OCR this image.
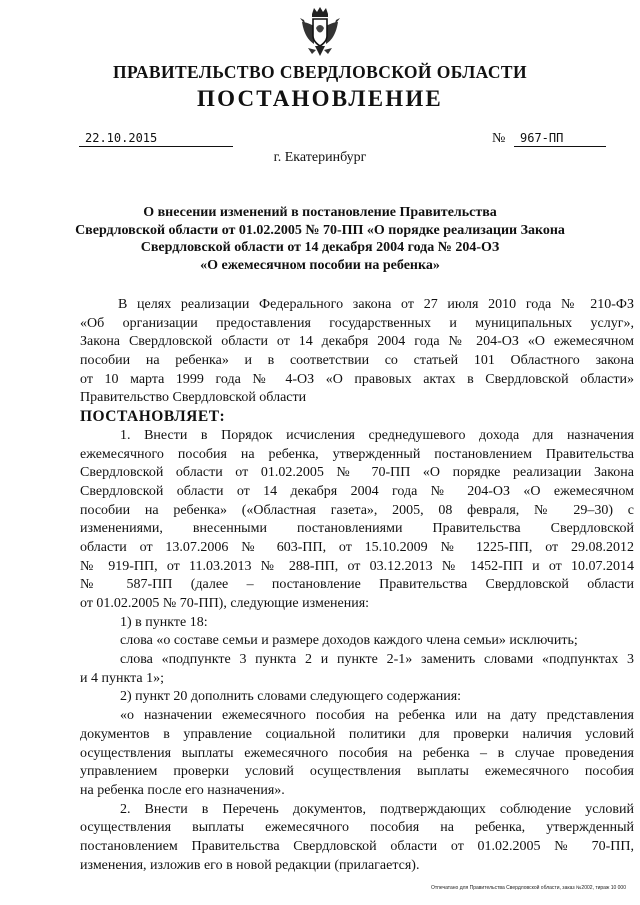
ПРАВИТЕЛЬСТВО СВЕРДЛОВСКОЙ ОБЛАСТИ
ПОСТАНОВЛЕНИЕ
22.10.2015	№	967-ПП
г. Екатеринбург
О внесении изменений в постановление Правительства
Свердловской области от 01.02.2005 № 70-ПП «О порядке реализации Закона
Свердловской области от 14 декабря 2004 года № 204-ОЗ
«О ежемесячном пособии на ребенка»
В целях реализации Федерального закона от 27 июля 2010 года № 210-ФЗ
«Об организации предоставления государственных и муниципальных услуг»,
Закона Свердловской области от 14 декабря 2004 года № 204-ОЗ «О ежемесячном
пособии на ребенка» и в соответствии со статьей 101 Областного закона
от 10 марта 1999 года № 4-ОЗ «О правовых актах в Свердловской области»
Правительство Свердловской области
ПОСТАНОВЛЯЕТ:
1. Внести в Порядок исчисления среднедушевого дохода для назначения
ежемесячного пособия на ребенка, утвержденный постановлением Правительства
Свердловской области от 01.02.2005 № 70-ПП «О порядке реализации Закона
Свердловской области от 14 декабря 2004 года № 204-ОЗ «О ежемесячном
пособии на ребенка» («Областная газета», 2005, 08 февраля, № 29–30) с
изменениями, внесенными постановлениями Правительства Свердловской
области от 13.07.2006 № 603-ПП, от 15.10.2009 № 1225-ПП, от 29.08.2012
№ 919-ПП, от 11.03.2013 № 288-ПП, от 03.12.2013 № 1452-ПП и от 10.07.2014
№ 587-ПП (далее – постановление Правительства Свердловской области
от 01.02.2005 № 70-ПП), следующие изменения:
1) в пункте 18:
слова «о составе семьи и размере доходов каждого члена семьи» исключить;
слова «подпункте 3 пункта 2 и пункте 2-1» заменить словами «подпунктах 3
и 4 пункта 1»;
2) пункт 20 дополнить словами следующего содержания:
«о назначении ежемесячного пособия на ребенка или на дату представления
документов в управление социальной политики для проверки наличия условий
осуществления выплаты ежемесячного пособия на ребенка – в случае проведения
управлением проверки условий осуществления выплаты ежемесячного пособия
на ребенка после его назначения».
2. Внести в Перечень документов, подтверждающих соблюдение условий
осуществления выплаты ежемесячного пособия на ребенка, утвержденный
постановлением Правительства Свердловской области от 01.02.2005 № 70-ПП,
изменения, изложив его в новой редакции (прилагается).
Отпечатано для Правительства Свердловской области, заказ №2002, тираж 10 000
